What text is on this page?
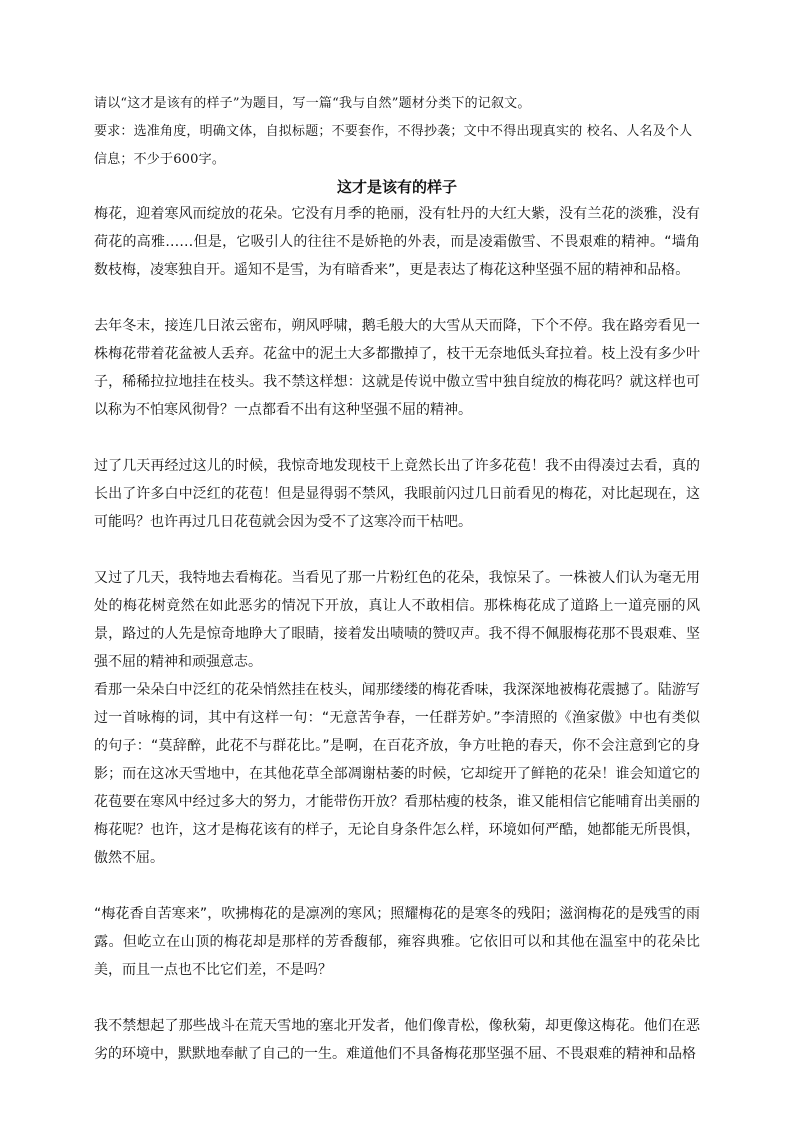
请以“这才是该有的样子”为题目，写一篇“我与自然”题材分类下的记叙文。

要求：选准角度，明确文体，自拟标题；不要套作，不得抄袭；文中不得出现真实的 校名、人名及个人信息；不少于600字。

这才是该有的样子

梅花，迎着寒风而绽放的花朵。它没有月季的艳丽，没有牡丹的大红大紫，没有兰花的淡雅，没有荷花的高雅……但是，它吸引人的往往不是娇艳的外表，而是凌霜傲雪、不畏艰难的精神。“墙角数枝梅，凌寒独自开。遥知不是雪，为有暗香来”，更是表达了梅花这种坚强不屈的精神和品格。

去年冬末，接连几日浓云密布，朔风呼啸，鹅毛般大的大雪从天而降，下个不停。我在路旁看见一株梅花带着花盆被人丢弃。花盆中的泥土大多都撒掉了，枝干无奈地低头耷拉着。枝上没有多少叶子，稀稀拉拉地挂在枝头。我不禁这样想：这就是传说中傲立雪中独自绽放的梅花吗？就这样也可以称为不怕寒风彻骨？一点都看不出有这种坚强不屈的精神。

过了几天再经过这儿的时候，我惊奇地发现枝干上竟然长出了许多花苞！我不由得凑过去看，真的长出了许多白中泛红的花苞！但是显得弱不禁风，我眼前闪过几日前看见的梅花，对比起现在，这可能吗？也许再过几日花苞就会因为受不了这寒冷而干枯吧。

又过了几天，我特地去看梅花。当看见了那一片粉红色的花朵，我惊呆了。一株被人们认为毫无用处的梅花树竟然在如此恶劣的情况下开放，真让人不敢相信。那株梅花成了道路上一道亮丽的风景，路过的人先是惊奇地睁大了眼睛，接着发出啧啧的赞叹声。我不得不佩服梅花那不畏艰难、坚强不屈的精神和顽强意志。

看那一朵朵白中泛红的花朵悄然挂在枝头，闻那缕缕的梅花香味，我深深地被梅花震撼了。陆游写过一首咏梅的词，其中有这样一句：“无意苦争春，一任群芳妒。”李清照的《渔家傲》中也有类似的句子：“莫辞醉，此花不与群花比。”是啊，在百花齐放，争方吐艳的春天，你不会注意到它的身影；而在这冰天雪地中，在其他花草全部凋谢枯萎的时候，它却绽开了鲜艳的花朵！谁会知道它的花苞要在寒风中经过多大的努力，才能带伤开放？看那枯瘦的枝条，谁又能相信它能哺育出美丽的梅花呢？也许，这才是梅花该有的样子，无论自身条件怎么样，环境如何严酷，她都能无所畏惧，傲然不屈。

“梅花香自苦寒来”，吹拂梅花的是凛冽的寒风；照耀梅花的是寒冬的残阳；滋润梅花的是残雪的雨露。但屹立在山顶的梅花却是那样的芳香馥郁，雍容典雅。它依旧可以和其他在温室中的花朵比美，而且一点也不比它们差，不是吗？

我不禁想起了那些战斗在荒天雪地的塞北开发者，他们像青松，像秋菊，却更像这梅花。他们在恶劣的环境中，默默地奉献了自己的一生。难道他们不具备梅花那坚强不屈、不畏艰难的精神和品格
